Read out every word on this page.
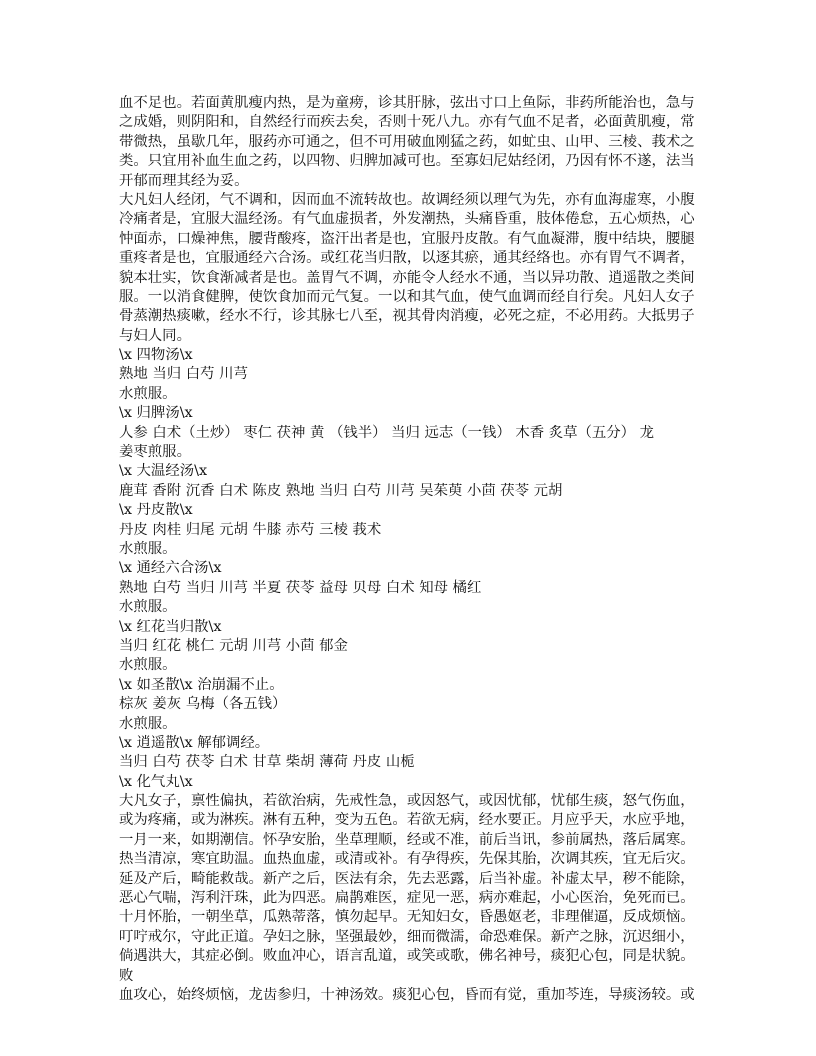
血不足也。若面黄肌瘦内热，是为童痨，诊其肝脉，弦出寸口上鱼际，非药所能治也，急与
之成婚，则阴阳和，自然经行而疾去矣，否则十死八九。亦有气血不足者，必面黄肌瘦，常
带微热，虽歇几年，服药亦可通之，但不可用破血刚猛之药，如虻虫、山甲、三棱、莪术之
类。只宜用补血生血之药，以四物、归脾加减可也。至寡妇尼姑经闭，乃因有怀不遂，法当
开郁而理其经为妥。
大凡妇人经闭，气不调和，因而血不流转故也。故调经须以理气为先，亦有血海虚寒，小腹
冷痛者是，宜服大温经汤。有气血虚损者，外发潮热，头痛昏重，肢体倦怠，五心烦热，心
忡面赤，口燥神焦，腰背酸疼，盗汗出者是也，宜服丹皮散。有气血凝滞，腹中结块，腰腿
重疼者是也，宜服通经六合汤。或红花当归散，以逐其瘀，通其经络也。亦有胃气不调者，
貌本壮实，饮食渐减者是也。盖胃气不调，亦能令人经水不通，当以异功散、逍遥散之类间
服。一以消食健脾，使饮食加而元气复。一以和其气血，使气血调而经自行矣。凡妇人女子
骨蒸潮热痰嗽，经水不行，诊其脉七八至，视其骨肉消瘦，必死之症，不必用药。大抵男子
与妇人同。
\x 四物汤\x
熟地 当归 白芍 川芎
水煎服。
\x 归脾汤\x
人参 白术（土炒） 枣仁 茯神 黄 （钱半） 当归 远志（一钱） 木香 炙草（五分） 龙
姜枣煎服。
\x 大温经汤\x
鹿茸 香附 沉香 白术 陈皮 熟地 当归 白芍 川芎 吴茱萸 小茴 茯苓 元胡
\x 丹皮散\x
丹皮 肉桂 归尾 元胡 牛膝 赤芍 三棱 莪术
水煎服。
\x 通经六合汤\x
熟地 白芍 当归 川芎 半夏 茯苓 益母 贝母 白术 知母 橘红
水煎服。
\x 红花当归散\x
当归 红花 桃仁 元胡 川芎 小茴 郁金
水煎服。
\x 如圣散\x 治崩漏不止。
棕灰 姜灰 乌梅（各五钱）
水煎服。
\x 逍遥散\x 解郁调经。
当归 白芍 茯苓 白术 甘草 柴胡 薄荷 丹皮 山栀
\x 化气丸\x
大凡女子，禀性偏执，若欲治病，先戒性急，或因怒气，或因忧郁，忧郁生痰，怒气伤血，
或为疼痛，或为淋疾。淋有五种，变为五色。若欲无病，经水要正。月应乎天，水应乎地，
一月一来，如期潮信。怀孕安胎，坐草理顺，经或不准，前后当讯，参前属热，落后属寒。
热当清凉，寒宜助温。血热血虚，或清或补。有孕得疾，先保其胎，次调其疾，宜无后灾。
延及产后，畸能救哉。新产之后，医法有余，先去恶露，后当补虚。补虚太早，秽不能除，
恶心气喘，泻利汗珠，此为四恶。扁鹊难医，症见一恶，病亦难起，小心医治，免死而已。
十月怀胎，一朝坐草，瓜熟蒂落，慎勿起早。无知妇女，昏愚妪老，非理催逼，反成烦恼。
叮咛戒尔，守此正道。孕妇之脉，坚强最妙，细而微濡，命恐难保。新产之脉，沉迟细小，
倘遇洪大，其症必倒。败血冲心，语言乱道，或笑或歌，佛名神号，痰犯心包，同是状貌。
败
血攻心，始终烦恼，龙齿参归，十神汤效。痰犯心包，昏而有觉，重加芩连，导痰汤较。或
